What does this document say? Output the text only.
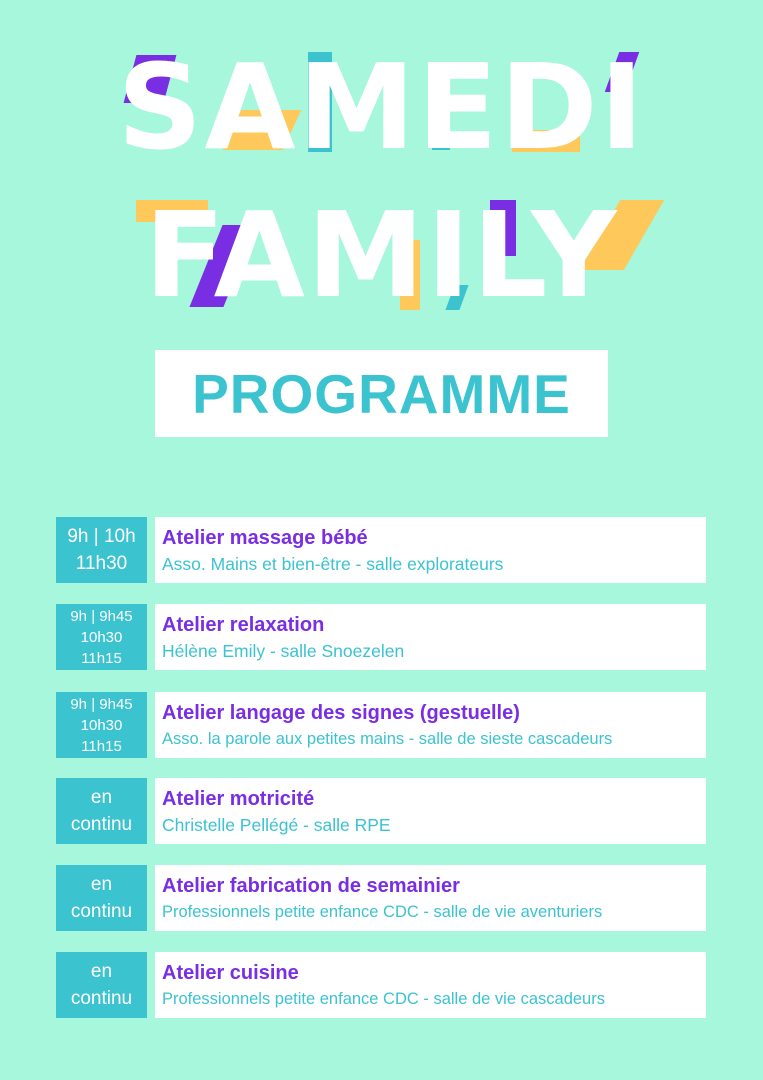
SAMEDI
FAMILY
PROGRAMME
9h | 10h
11h30
Atelier massage bébé
Asso. Mains et bien-être - salle explorateurs
9h | 9h45
10h30
11h15
Atelier relaxation
Hélène Emily - salle Snoezelen
9h | 9h45
10h30
11h15
Atelier langage des signes (gestuelle)
Asso. la parole aux petites mains - salle de sieste cascadeurs
en
continu
Atelier motricité
Christelle Pellégé - salle RPE
en
continu
Atelier fabrication de semainier
Professionnels petite enfance CDC - salle de vie aventuriers
en
continu
Atelier cuisine
Professionnels petite enfance CDC - salle de vie cascadeurs
